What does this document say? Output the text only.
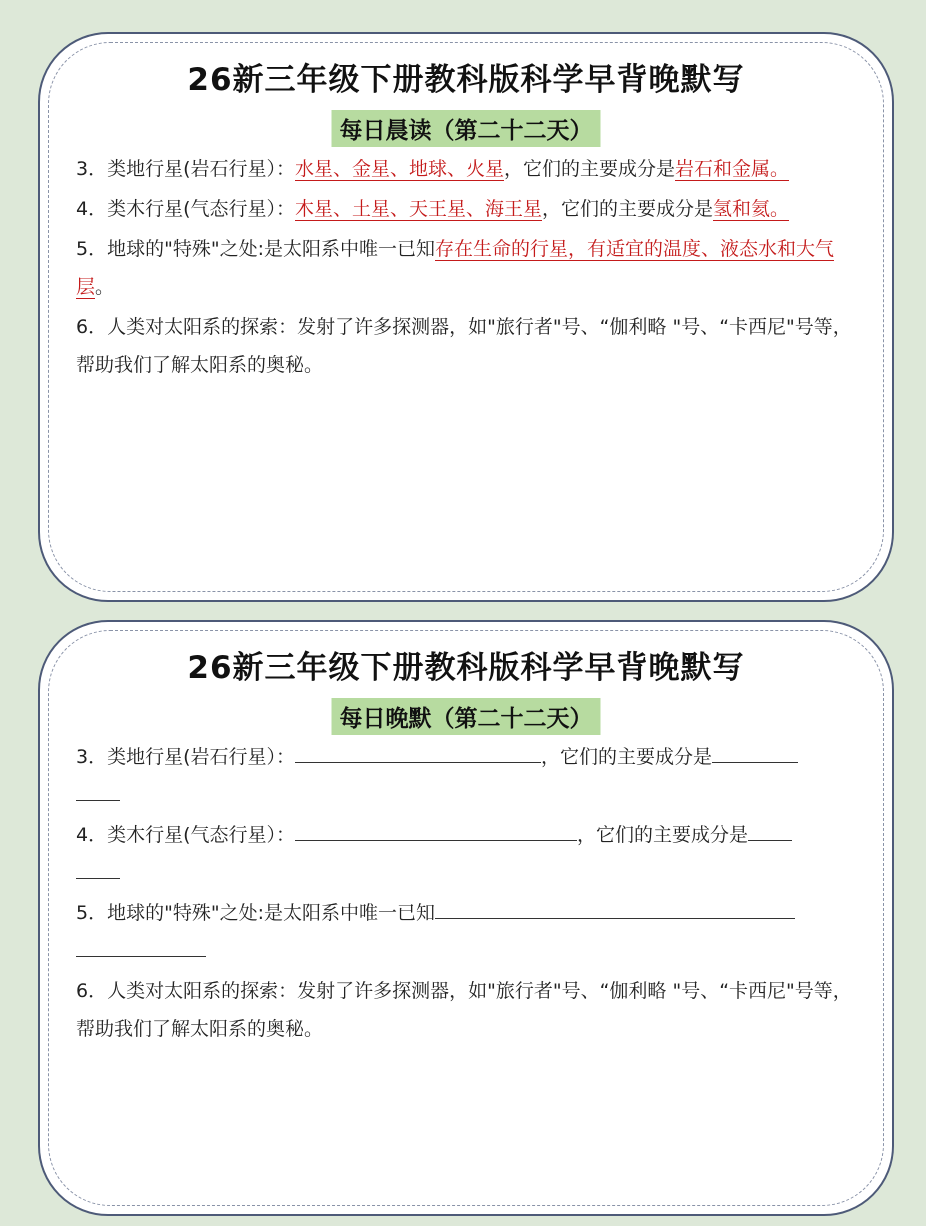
26新三年级下册教科版科学早背晚默写
每日晨读（第二十二天）
3．类地行星(岩石行星）：水星、金星、地球、火星，它们的主要成分是岩石和金属。
4．类木行星(气态行星）：木星、土星、天王星、海王星，它们的主要成分是氢和氦。
5．地球的"特殊"之处:是太阳系中唯一已知存在生命的行星，有适宜的温度、液态水和大气层。
6．人类对太阳系的探索：发射了许多探测器，如"旅行者"号、“伽利略 "号、“卡西尼"号等，帮助我们了解太阳系的奥秘。
26新三年级下册教科版科学早背晚默写
每日晚默（第二十二天）
3．类地行星(岩石行星）：	，它们的主要成分是

4．类木行星(气态行星）：	，它们的主要成分是

5．地球的"特殊"之处:是太阳系中唯一已知

6．人类对太阳系的探索：发射了许多探测器，如"旅行者"号、“伽利略 "号、“卡西尼"号等，帮助我们了解太阳系的奥秘。
